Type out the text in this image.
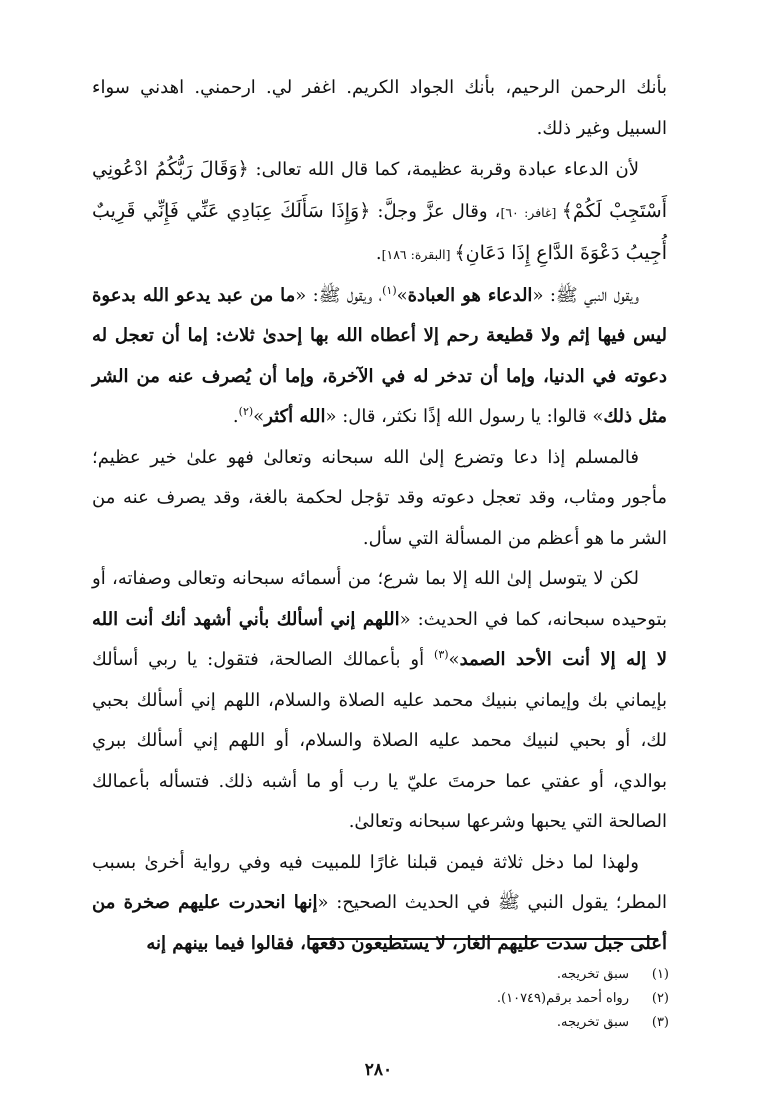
بأنك الرحمن الرحيم، بأنك الجواد الكريم. اغفر لي. ارحمني. اهدني سواء السبيل وغير ذلك.

لأن الدعاء عبادة وقربة عظيمة، كما قال الله تعالى: ﴿وَقَالَ رَبُّكُمُ ادْعُونِي أَسْتَجِبْ لَكُمْ﴾ [غافر: ٦٠]، وقال عزَّ وجلَّ: ﴿وَإِذَا سَأَلَكَ عِبَادِي عَنِّي فَإِنِّي قَرِيبٌ أُجِيبُ دَعْوَةَ الدَّاعِ إِذَا دَعَانِ﴾ [البقرة: ١٨٦].

ويقول النبي ﷺ: «الدعاء هو العبادة»$^{(١)}$، ويقول ﷺ: «ما من عبد يدعو الله بدعوة ليس فيها إثم ولا قطيعة رحم إلا أعطاه الله بها إحدىٰ ثلاث: إما أن تعجل له دعوته في الدنيا، وإما أن تدخر له في الآخرة، وإما أن يُصرف عنه من الشر مثل ذلك» قالوا: يا رسول الله إذًا نكثر، قال: «الله أكثر»$^{(٢)}$.

فالمسلم إذا دعا وتضرع إلىٰ الله سبحانه وتعالىٰ فهو علىٰ خير عظيم؛ مأجور ومثاب، وقد تعجل دعوته وقد تؤجل لحكمة بالغة، وقد يصرف عنه من الشر ما هو أعظم من المسألة التي سأل.

لكن لا يتوسل إلىٰ الله إلا بما شرع؛ من أسمائه سبحانه وتعالى وصفاته، أو بتوحيده سبحانه، كما في الحديث: «اللهم إني أسألك بأني أشهد أنك أنت الله لا إله إلا أنت الأحد الصمد»$^{(٣)}$ أو بأعمالك الصالحة، فتقول: يا ربي أسألك بإيماني بك وإيماني بنبيك محمد عليه الصلاة والسلام، اللهم إني أسألك بحبي لك، أو بحبي لنبيك محمد عليه الصلاة والسلام، أو اللهم إني أسألك ببري بوالدي، أو عفتي عما حرمتَ عليّ يا رب أو ما أشبه ذلك. فتسأله بأعمالك الصالحة التي يحبها وشرعها سبحانه وتعالىٰ.

ولهذا لما دخل ثلاثة فيمن قبلنا غارًا للمبيت فيه وفي رواية أخرىٰ بسبب المطر؛ يقول النبي ﷺ في الحديث الصحيح: «إنها انحدرت عليهم صخرة من أعلى جبل سدت عليهم الغار، لا يستطيعون دفعها، فقالوا فيما بينهم إنه

(١)
سبق تخريجه.
(٢)
رواه أحمد برقم(١٠٧٤٩).
(٣)
سبق تخريجه.
٢٨٠
